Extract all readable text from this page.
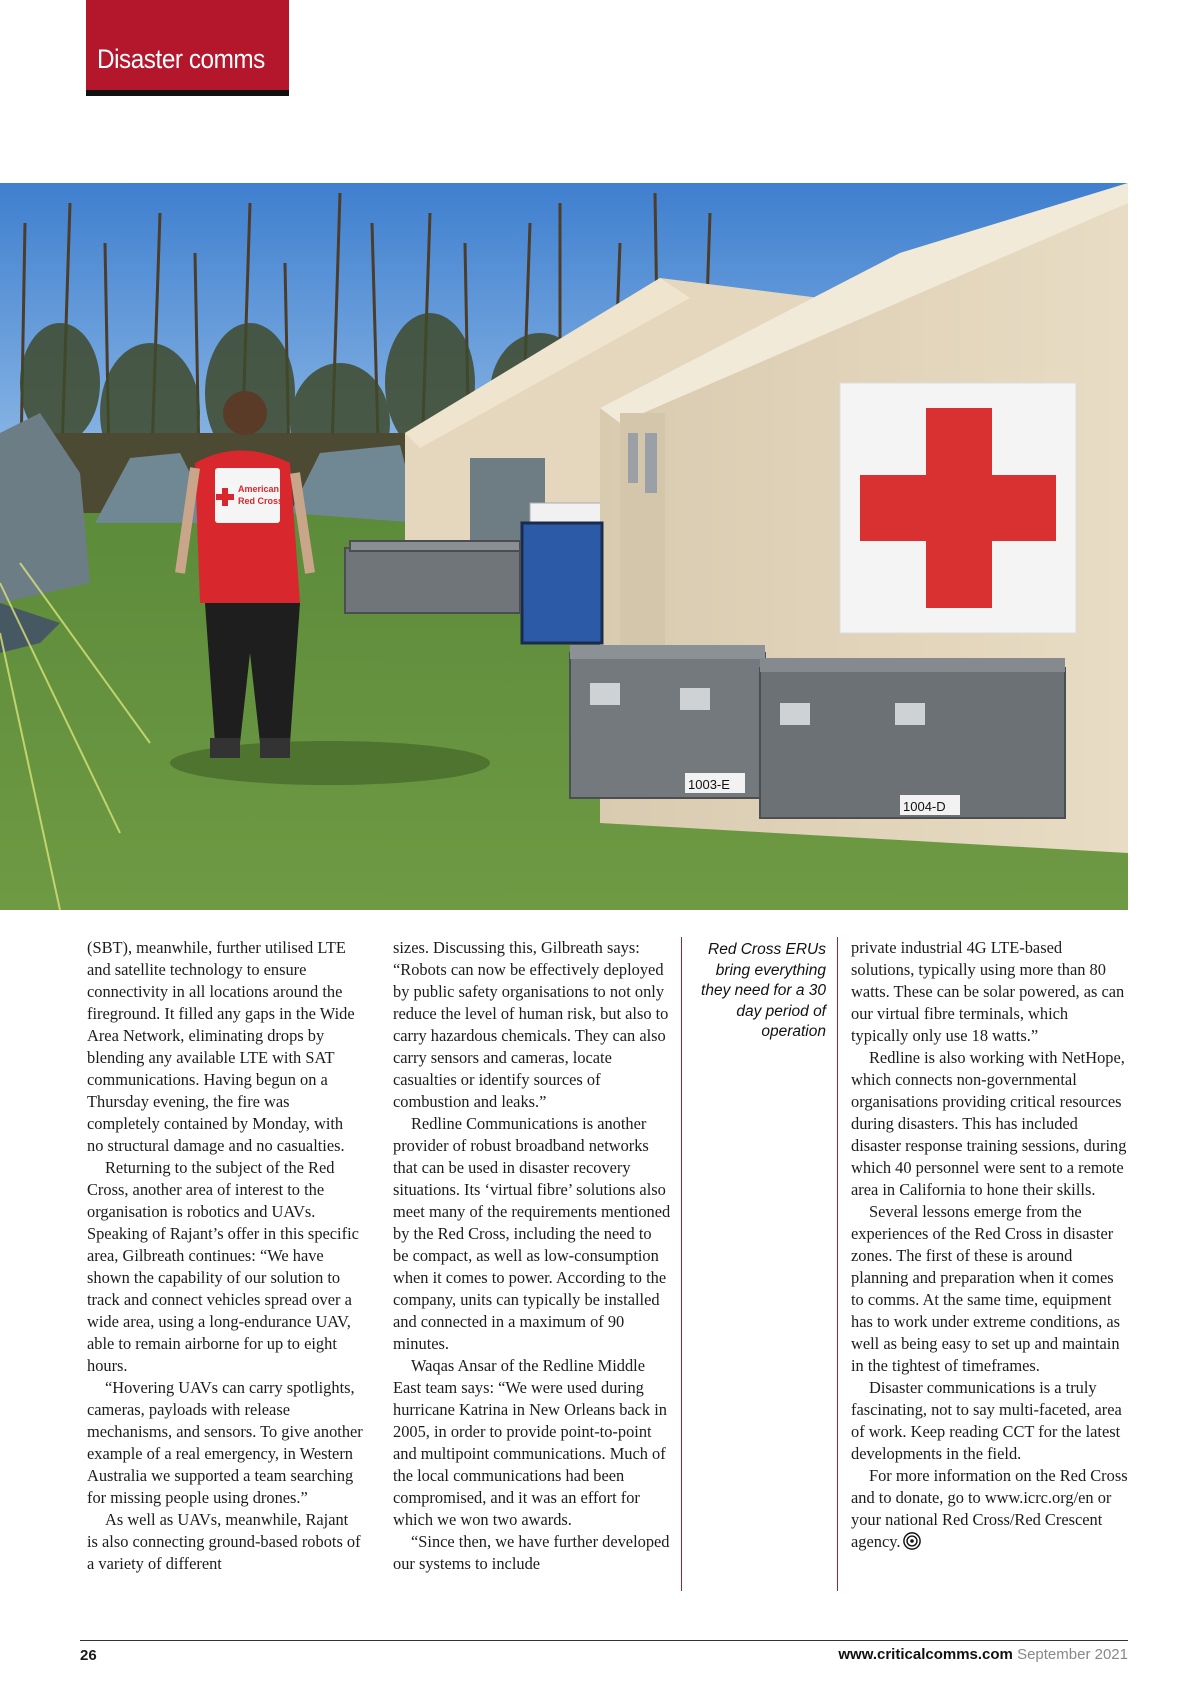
Disaster comms
1003-E
1004-D
American
Red Cross

(SBT), meanwhile, further utilised LTE and satellite technology to ensure connectivity in all locations around the fireground. It filled any gaps in the Wide Area Network, eliminating drops by blending any available LTE with SAT communications. Having begun on a Thursday evening, the fire was completely contained by Monday, with no structural damage and no casualties.

Returning to the subject of the Red Cross, another area of interest to the organisation is robotics and UAVs. Speaking of Rajant’s offer in this specific area, Gilbreath continues: “We have shown the capability of our solution to track and connect vehicles spread over a wide area, using a long-endurance UAV, able to remain airborne for up to eight hours.

“Hovering UAVs can carry spotlights, cameras, payloads with release mechanisms, and sensors. To give another example of a real emergency, in Western Australia we supported a team searching for missing people using drones.”

As well as UAVs, meanwhile, Rajant is also connecting ground-based robots of a variety of different

sizes. Discussing this, Gilbreath says: “Robots can now be effectively deployed by public safety organisations to not only reduce the level of human risk, but also to carry hazardous chemicals. They can also carry sensors and cameras, locate casualties or identify sources of combustion and leaks.”

Redline Communications is another provider of robust broadband networks that can be used in disaster recovery situations. Its ‘virtual fibre’ solutions also meet many of the requirements mentioned by the Red Cross, including the need to be compact, as well as low-consumption when it comes to power. According to the company, units can typically be installed and connected in a maximum of 90 minutes.

Waqas Ansar of the Redline Middle East team says: “We were used during hurricane Katrina in New Orleans back in 2005, in order to provide point-to-point and multipoint communications. Much of the local communications had been compromised, and it was an effort for which we won two awards.

“Since then, we have further developed our systems to include

Red Cross ERUs bring everything they need for a 30 day period of operation

private industrial 4G LTE-based solutions, typically using more than 80 watts. These can be solar powered, as can our virtual fibre terminals, which typically only use 18 watts.”

Redline is also working with NetHope, which connects non-governmental organisations providing critical resources during disasters. This has included disaster response training sessions, during which 40 personnel were sent to a remote area in California to hone their skills.

Several lessons emerge from the experiences of the Red Cross in disaster zones. The first of these is around planning and preparation when it comes to comms. At the same time, equipment has to work under extreme conditions, as well as being easy to set up and maintain in the tightest of timeframes.

Disaster communications is a truly fascinating, not to say multi-faceted, area of work. Keep reading CCT for the latest developments in the field.

For more information on the Red Cross and to donate, go to www.icrc.org/en or your national Red Cross/Red Crescent agency.

26	www.criticalcomms.com September 2021
